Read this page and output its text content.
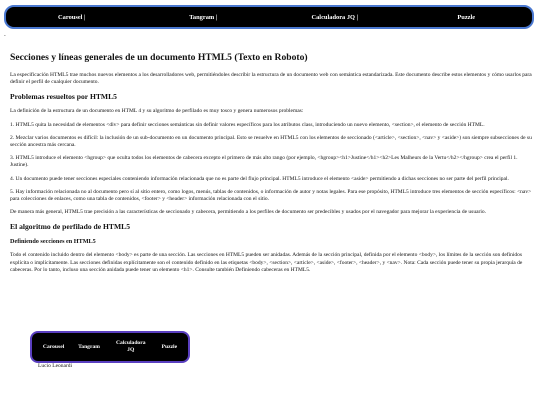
Carousel |	Tangram |	Calculadora JQ |	Puzzle
-
Secciones y líneas generales de un documento HTML5 (Texto en Roboto)

La especificación HTML5 trae muchos nuevos elementos a los desarrolladores web, permitiéndoles describir la estructura de un documento web con semántica estandarizada. Este documento describe estos elementos y cómo usarlos para definir el perfil de cualquier documento.

Problemas resueltos por HTML5

La definición de la estructura de un documento en HTML 4 y su algoritmo de perfilado es muy tosco y genera numerosos problemas:

1. HTML5 quita la necesidad de elementos <div> para definir secciones semánticas sin definir valores específicos para los atributos class, introduciendo un nuevo elemento, <section>, el elemento de sección HTML.

2. Mezclar varios documentos es difícil: la inclusión de un sub-documento en un documento principal. Esto se resuelve en HTML5 con los elementos de seccionado (<article>, <section>, <nav> y <aside>) son siempre subsecciones de su sección ancestra más cercana.

3. HTML5 introduce el elemento <hgroup> que oculta todos los elementos de cabecera excepto el primero de más alto rango (por ejemplo, <hgroup><h1>Justine</h1><h2>Les Malheurs de la Vertu</h2></hgroup> crea el perfil 1. Justine).

4. Un documento puede tener secciones especiales conteniendo información relacionada que no es parte del flujo principal. HTML5 introduce el elemento <aside> permitiendo a dichas secciones no ser parte del perfil principal.

5. Hay información relacionada no al documento pero sí al sitio entero, como logos, menús, tablas de contenidos, o información de autor y notas legales. Para ese propósito, HTML5 introduce tres elementos de sección específicos: <nav> para colecciones de enlaces, como una tabla de contenidos, <footer> y <header> información relacionada con el sitio.

De manera más general, HTML5 trae precisión a las características de seccionado y cabecera, permitiendo a los perfiles de documento ser predecibles y usados por el navegador para mejorar la experiencia de usuario.

El algoritmo de perfilado de HTML5
Definiendo secciones en HTML5

Todo el contenido incluido dentro del elemento <body> es parte de una sección. Las secciones en HTML5 pueden ser anidadas. Además de la sección principal, definida por el elemento <body>, los límites de la sección son definidos explícita o implícitamente. Las secciones definidas explícitamente son el contenido definido en las etiquetas <body>, <section>, <article>, <aside>, <footer>, <header>, y <nav>. Nota: Cada sección puede tener su propia jerarquía de cabeceras. Por lo tanto, incluso una sección anidada puede tener un elemento <h1>. Consulte también Definiendo cabeceras en HTML5.

Carousel Tangram
Calculadora JQ
Puzzle
Lucio Leonardi
